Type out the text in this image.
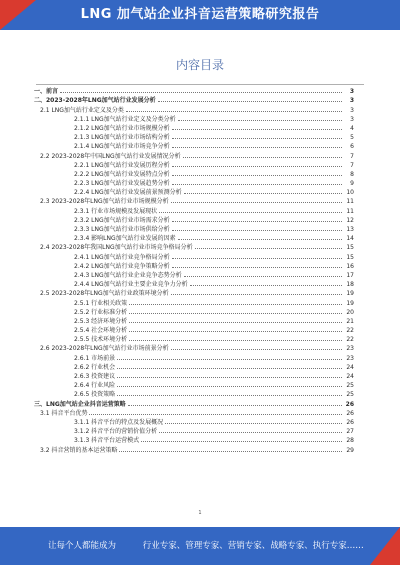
LNG 加气站企业抖音运营策略研究报告
内容目录
一、前言	3
二、2023-2028年LNG加气站行业发展分析	3
2.1 LNG加气站行业定义及分类	3
2.1.1 LNG加气站行业定义及分类分析	3
2.1.2 LNG加气站行业市场规模分析	4
2.1.3 LNG加气站行业市场结构分析	5
2.1.4 LNG加气站行业市场竞争分析	6
2.2 2023-2028年中国LNG加气站行业发展情况分析	7
2.2.1 LNG加气站行业发展历程分析	7
2.2.2 LNG加气站行业发展特点分析	8
2.2.3 LNG加气站行业发展趋势分析	9
2.2.4 LNG加气站行业发展前景预测分析	10
2.3 2023-2028年LNG加气站行业市场规模分析	11
2.3.1 行业市场规模及发展现状	11
2.3.2 LNG加气站行业市场需求分析	12
2.3.3 LNG加气站行业市场供给分析	13
2.3.4 影响LNG加气站行业发展的因素	14
2.4 2023-2028年我国LNG加气站行业市场竞争格局分析	15
2.4.1 LNG加气站行业竞争格局分析	15
2.4.2 LNG加气站行业竞争策略分析	16
2.4.3 LNG加气站行业企业竞争态势分析	17
2.4.4 LNG加气站行业主要企业竞争力分析	18
2.5 2023-2028年LNG加气站行业政策环境分析	19
2.5.1 行业相关政策	19
2.5.2 行业标准分析	20
2.5.3 经济环境分析	21
2.5.4 社会环境分析	22
2.5.5 技术环境分析	22
2.6 2023-2028年LNG加气站行业市场前景分析	23
2.6.1 市场前景	23
2.6.2 行业机会	24
2.6.3 投资建议	24
2.6.4 行业风险	25
2.6.5 投资策略	25
三、LNG加气站企业抖音运营策略	26
3.1 抖音平台优势	26
3.1.1 抖音平台的特点及发展概况	26
3.1.2 抖音平台的营销价值分析	27
3.1.3 抖音平台运营模式	28
3.2 抖音营销的基本运营策略	29
1
让每个人都能成为	行业专家、管理专家、营销专家、战略专家、执行专家……
